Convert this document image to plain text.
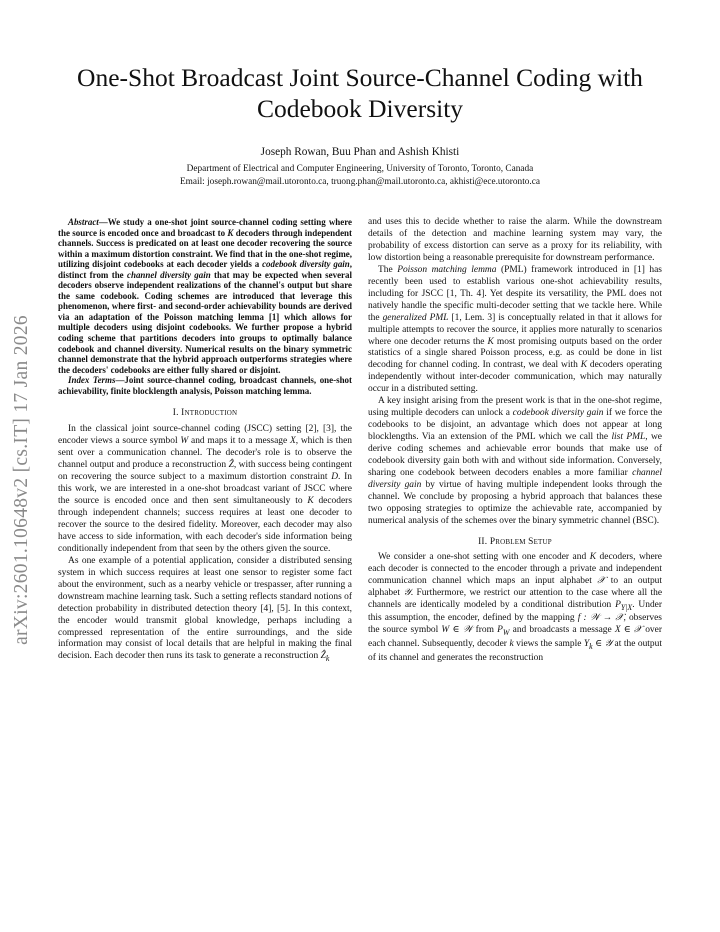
arXiv:2601.10648v2 [cs.IT] 17 Jan 2026
One-Shot Broadcast Joint Source-Channel Coding with Codebook Diversity
Joseph Rowan, Buu Phan and Ashish Khisti
Department of Electrical and Computer Engineering, University of Toronto, Toronto, Canada
Email: joseph.rowan@mail.utoronto.ca, truong.phan@mail.utoronto.ca, akhisti@ece.utoronto.ca

Abstract—We study a one-shot joint source-channel coding setting where the source is encoded once and broadcast to K decoders through independent channels. Success is predicated on at least one decoder recovering the source within a maximum distortion constraint. We find that in the one-shot regime, utilizing disjoint codebooks at each decoder yields a codebook diversity gain, distinct from the channel diversity gain that may be expected when several decoders observe independent realizations of the channel's output but share the same codebook. Coding schemes are introduced that leverage this phenomenon, where first- and second-order achievability bounds are derived via an adaptation of the Poisson matching lemma [1] which allows for multiple decoders using disjoint codebooks. We further propose a hybrid coding scheme that partitions decoders into groups to optimally balance codebook and channel diversity. Numerical results on the binary symmetric channel demonstrate that the hybrid approach outperforms strategies where the decoders' codebooks are either fully shared or disjoint.

Index Terms—Joint source-channel coding, broadcast channels, one-shot achievability, finite blocklength analysis, Poisson matching lemma.

I. Introduction

In the classical joint source-channel coding (JSCC) setting [2], [3], the encoder views a source symbol W and maps it to a message X, which is then sent over a communication channel. The decoder's role is to observe the channel output and produce a reconstruction Ẑ, with success being contingent on recovering the source subject to a maximum distortion constraint D. In this work, we are interested in a one-shot broadcast variant of JSCC where the source is encoded once and then sent simultaneously to K decoders through independent channels; success requires at least one decoder to recover the source to the desired fidelity. Moreover, each decoder may also have access to side information, with each decoder's side information being conditionally independent from that seen by the others given the source.

As one example of a potential application, consider a distributed sensing system in which success requires at least one sensor to register some fact about the environment, such as a nearby vehicle or trespasser, after running a downstream machine learning task. Such a setting reflects standard notions of detection probability in distributed detection theory [4], [5]. In this context, the encoder would transmit global knowledge, perhaps including a compressed representation of the entire surroundings, and the side information may consist of local details that are helpful in making the final decision. Each decoder then runs its task to generate a reconstruction Ẑ$_k$

and uses this to decide whether to raise the alarm. While the downstream details of the detection and machine learning system may vary, the probability of excess distortion can serve as a proxy for its reliability, with low distortion being a reasonable prerequisite for downstream performance.

The Poisson matching lemma (PML) framework introduced in [1] has recently been used to establish various one-shot achievability results, including for JSCC [1, Th. 4]. Yet despite its versatility, the PML does not natively handle the specific multi-decoder setting that we tackle here. While the generalized PML [1, Lem. 3] is conceptually related in that it allows for multiple attempts to recover the source, it applies more naturally to scenarios where one decoder returns the K most promising outputs based on the order statistics of a single shared Poisson process, e.g. as could be done in list decoding for channel coding. In contrast, we deal with K decoders operating independently without inter-decoder communication, which may naturally occur in a distributed setting.

A key insight arising from the present work is that in the one-shot regime, using multiple decoders can unlock a codebook diversity gain if we force the codebooks to be disjoint, an advantage which does not appear at long blocklengths. Via an extension of the PML which we call the list PML, we derive coding schemes and achievable error bounds that make use of codebook diversity gain both with and without side information. Conversely, sharing one codebook between decoders enables a more familiar channel diversity gain by virtue of having multiple independent looks through the channel. We conclude by proposing a hybrid approach that balances these two opposing strategies to optimize the achievable rate, accompanied by numerical analysis of the schemes over the binary symmetric channel (BSC).

II. Problem Setup

We consider a one-shot setting with one encoder and K decoders, where each decoder is connected to the encoder through a private and independent communication channel which maps an input alphabet 𝒳 to an output alphabet 𝒴. Furthermore, we restrict our attention to the case where all the channels are identically modeled by a conditional distribution $P_{Y|X}$. Under this assumption, the encoder, defined by the mapping f : 𝒲 → 𝒳, observes the source symbol W ∈ 𝒲 from $P_W$ and broadcasts a message X ∈ 𝒳 over each channel. Subsequently, decoder k views the sample $Y_k$ ∈ 𝒴 at the output of its channel and generates the reconstruction
